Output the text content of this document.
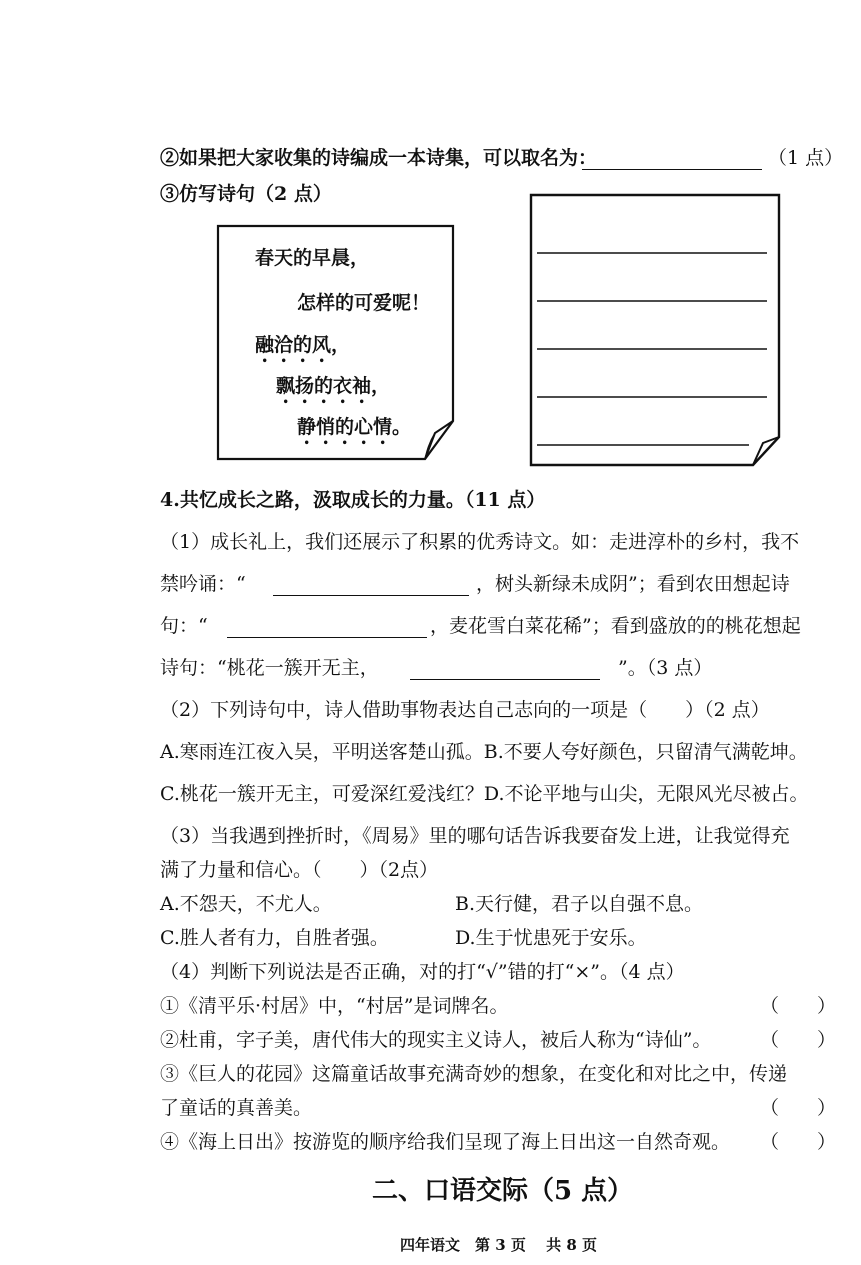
②如果把大家收集的诗编成一本诗集，可以取名为：	（1 点）
③仿写诗句（2 点）
春天的早晨，
怎样的可爱呢！
融洽的风，
飘扬的衣袖，
静悄的心情。
4.共忆成长之路，汲取成长的力量。（11 点）
（1）成长礼上，我们还展示了积累的优秀诗文。如：走进淳朴的乡村，我不
禁吟诵：“	，树头新绿未成阴”；看到农田想起诗
句：“	，麦花雪白菜花稀”；看到盛放的的桃花想起
诗句：“桃花一簇开无主，	”。（3 点）
（2）下列诗句中，诗人借助事物表达自己志向的一项是（　　）（2 点）
A.寒雨连江夜入吴，平明送客楚山孤。B.不要人夸好颜色，只留清气满乾坤。
C.桃花一簇开无主，可爱深红爱浅红？D.不论平地与山尖，无限风光尽被占。
（3）当我遇到挫折时，《周易》里的哪句话告诉我要奋发上进，让我觉得充
满了力量和信心。（　　）（2点）
A.不怨天，不尤人。	B.天行健，君子以自强不息。
C.胜人者有力，自胜者强。	D.生于忧患死于安乐。
（4）判断下列说法是否正确，对的打“√”错的打“×”。（4 点）
①《清平乐·村居》中，“村居”是词牌名。	（　　）
②杜甫，字子美，唐代伟大的现实主义诗人，被后人称为“诗仙”。	（　　）
③《巨人的花园》这篇童话故事充满奇妙的想象，在变化和对比之中，传递
了童话的真善美。	（　　）
④《海上日出》按游览的顺序给我们呈现了海上日出这一自然奇观。 （　　）
二、口语交际（5 点）
四年语文　第 3 页　 共 8 页
